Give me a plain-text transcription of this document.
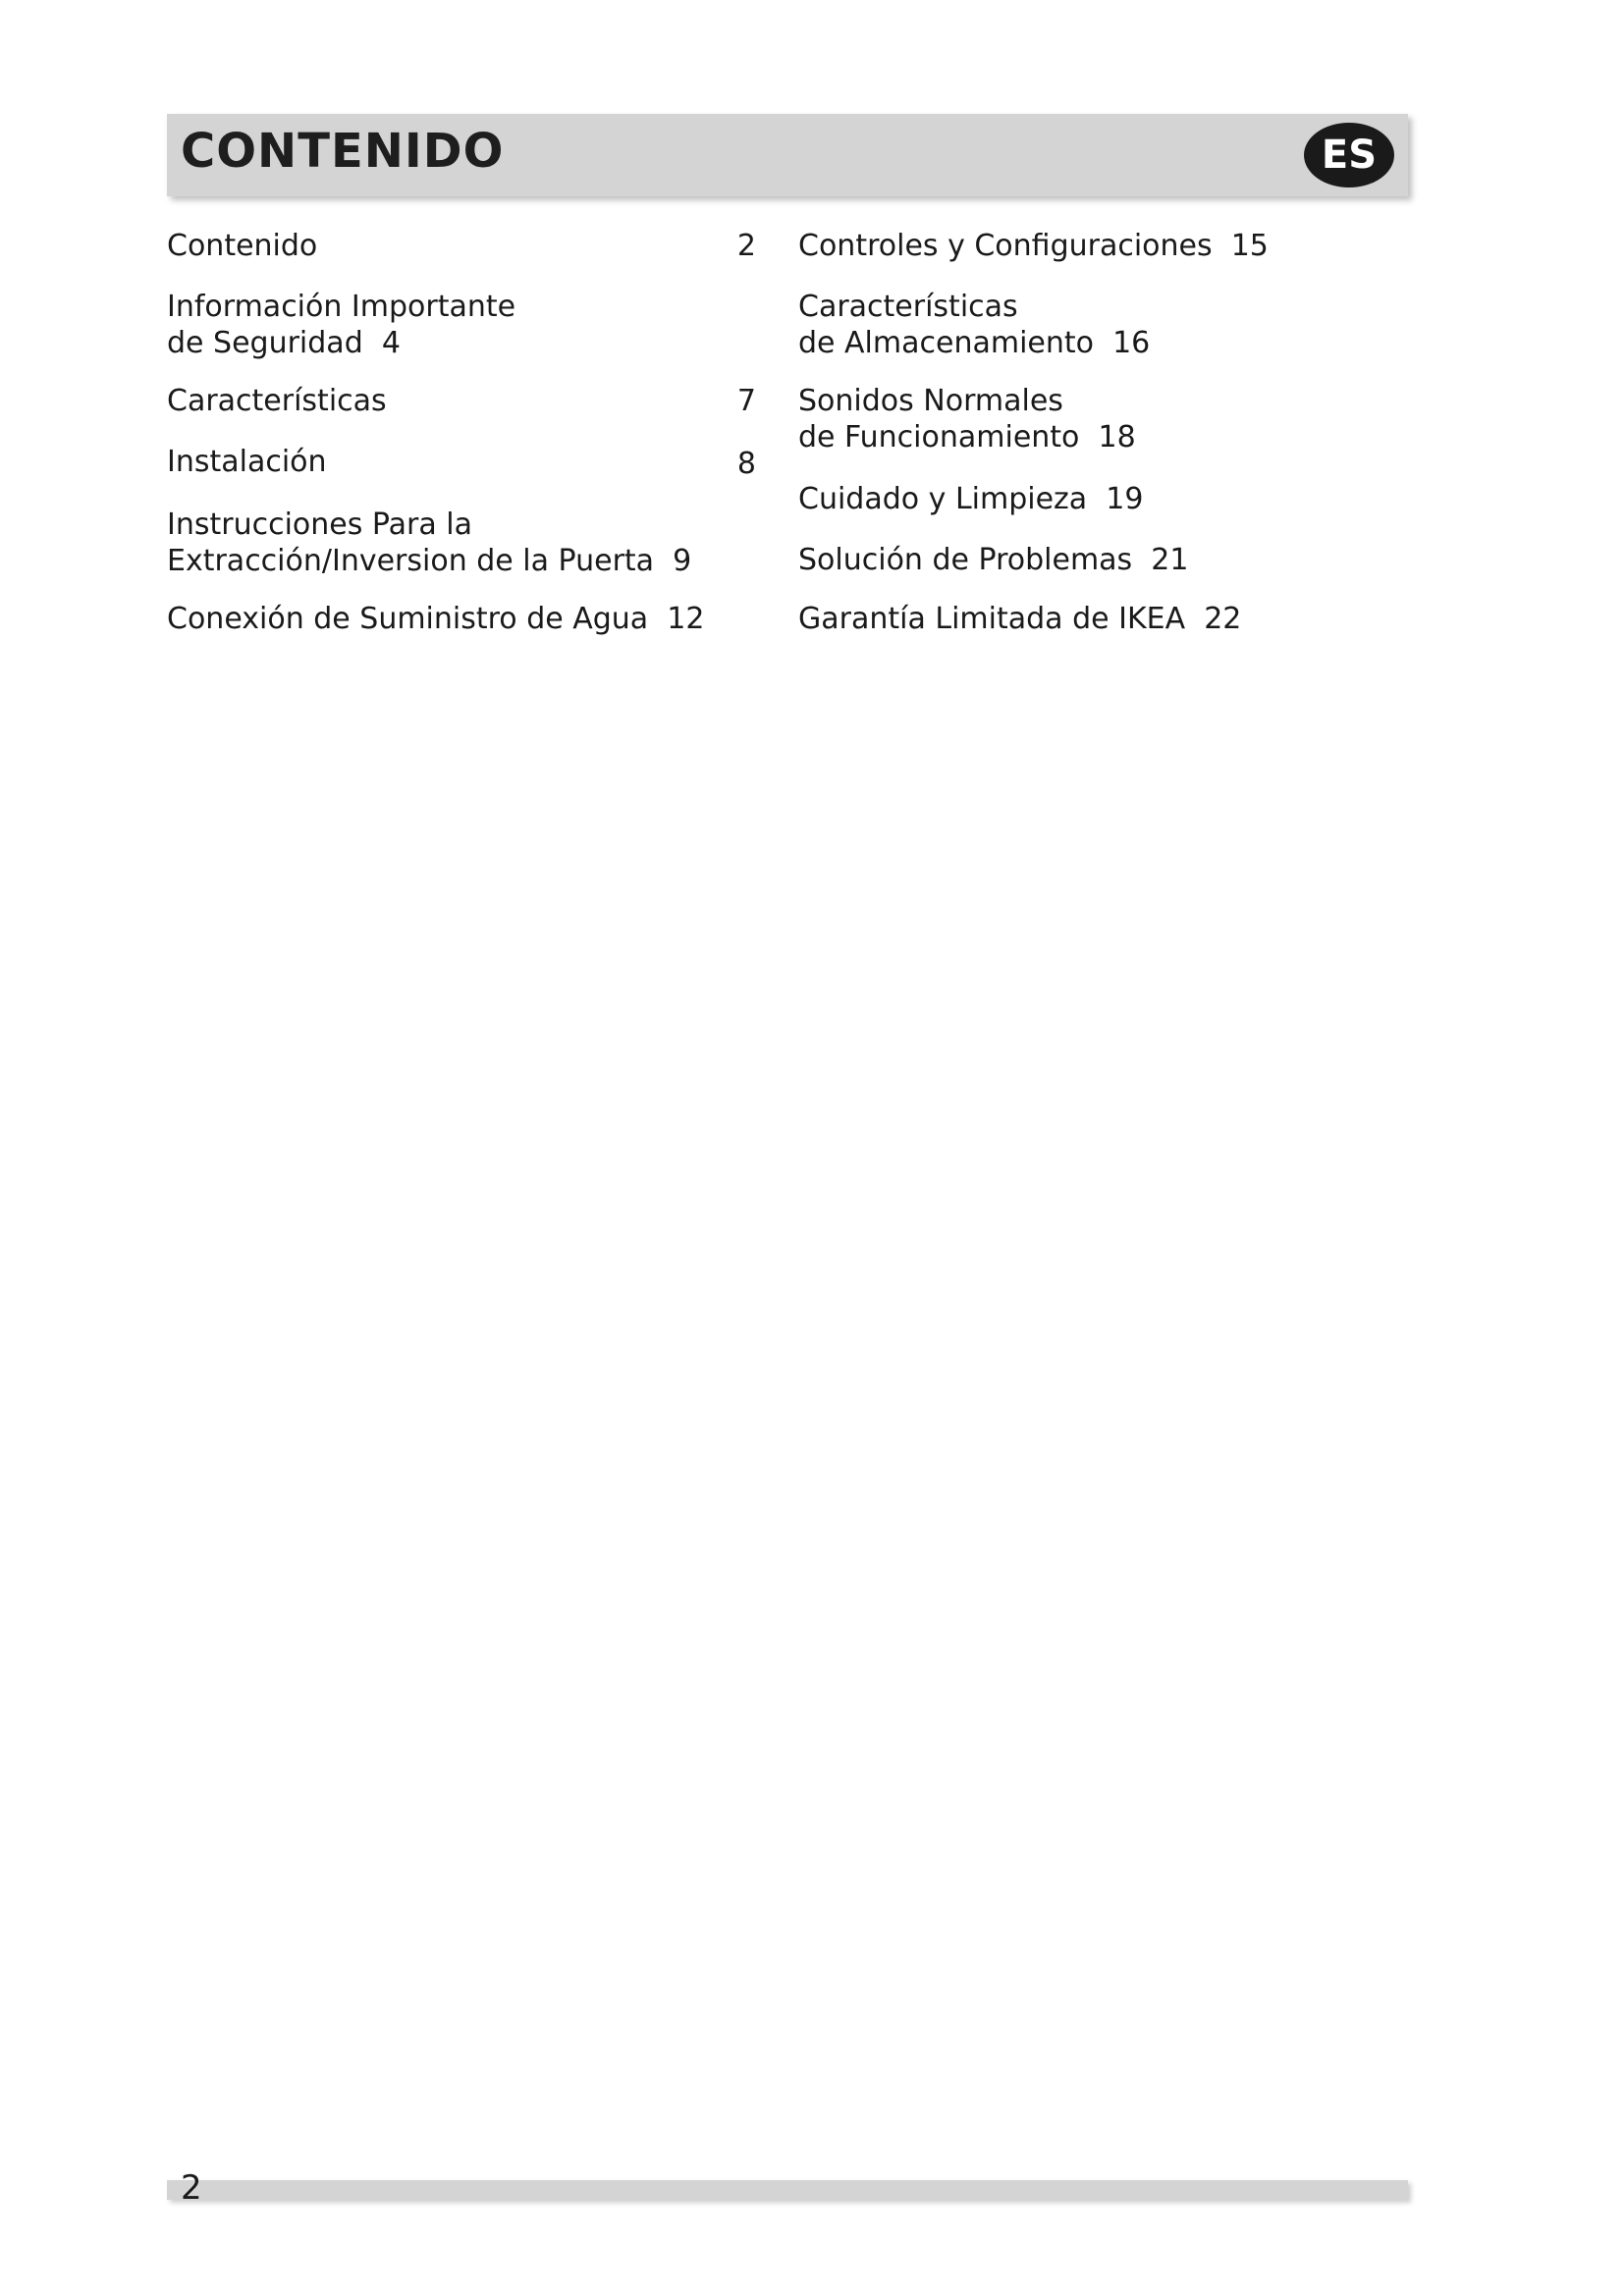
CONTENIDO	ES
Contenido	2
Información Importante
de Seguridad 4
Características	7
Instalación	8
Instrucciones Para la
Extracción/Inversion de la Puerta 9
Conexión de Suministro de Agua 12
Controles y Configuraciones 15
Características
de Almacenamiento 16
Sonidos Normales
de Funcionamiento 18
Cuidado y Limpieza 19
Solución de Problemas 21
Garantía Limitada de IKEA 22
2
